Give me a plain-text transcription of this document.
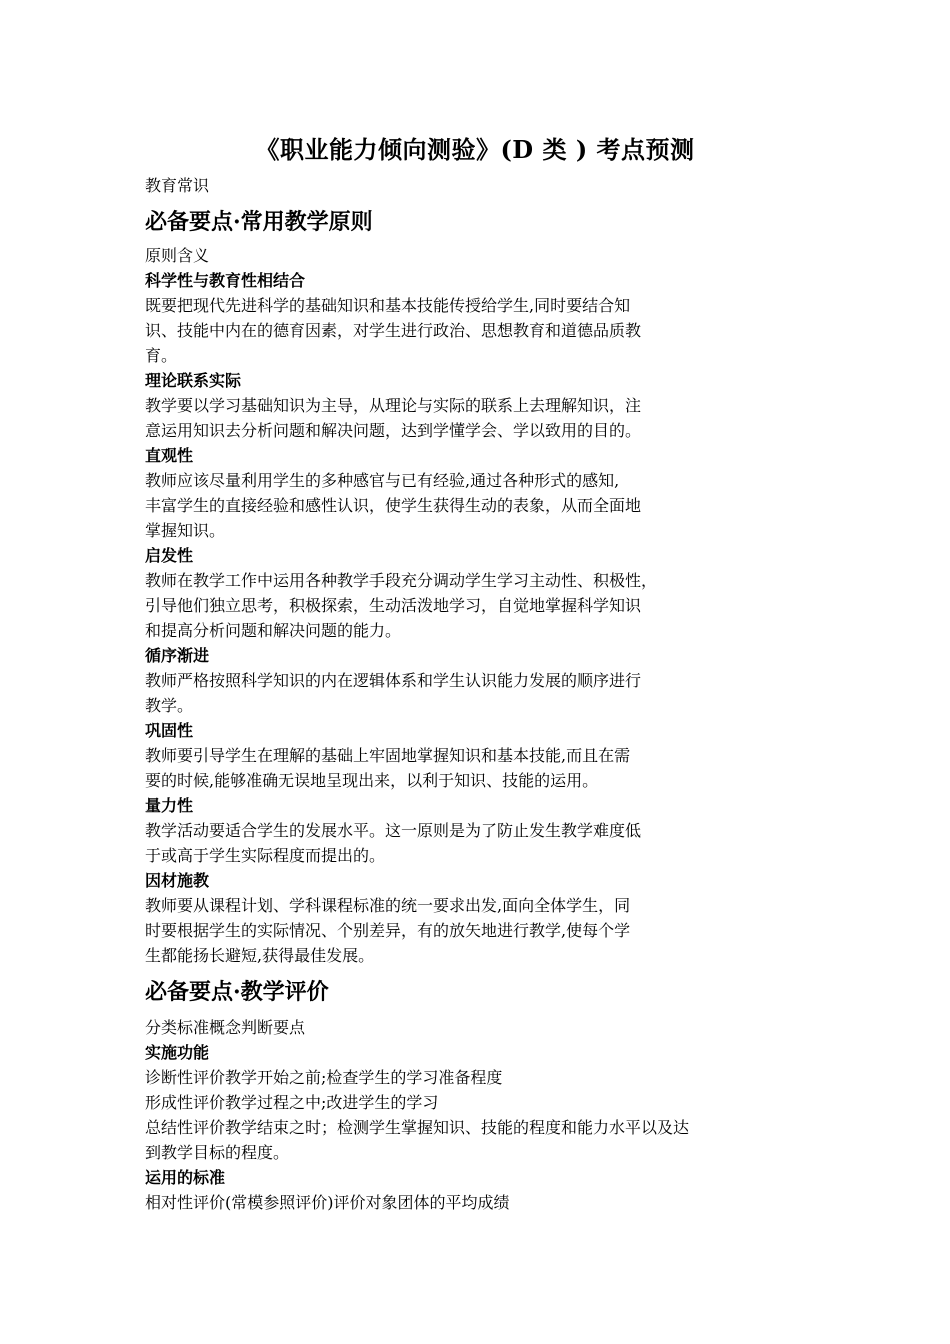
《职业能力倾向测验》(D 类 ) 考点预测
教育常识
必备要点·常用教学原则
原则含义
科学性与教育性相结合
既要把现代先进科学的基础知识和基本技能传授给学生,同时要结合知
识、技能中内在的德育因素，对学生进行政治、思想教育和道德品质教
育。
理论联系实际
教学要以学习基础知识为主导，从理论与实际的联系上去理解知识，注
意运用知识去分析问题和解决问题，达到学懂学会、学以致用的目的。
直观性
教师应该尽量利用学生的多种感官与已有经验,通过各种形式的感知,
丰富学生的直接经验和感性认识，使学生获得生动的表象，从而全面地
掌握知识。
启发性
教师在教学工作中运用各种教学手段充分调动学生学习主动性、积极性，
引导他们独立思考，积极探索，生动活泼地学习，自觉地掌握科学知识
和提高分析问题和解决问题的能力。
循序渐进
教师严格按照科学知识的内在逻辑体系和学生认识能力发展的顺序进行
教学。
巩固性
教师要引导学生在理解的基础上牢固地掌握知识和基本技能,而且在需
要的时候,能够准确无误地呈现出来，以利于知识、技能的运用。
量力性
教学活动要适合学生的发展水平。这一原则是为了防止发生教学难度低
于或高于学生实际程度而提出的。
因材施教
教师要从课程计划、学科课程标准的统一要求出发,面向全体学生，同
时要根据学生的实际情况、个别差异，有的放矢地进行教学,使每个学
生都能扬长避短,获得最佳发展。
必备要点·教学评价
分类标准概念判断要点
实施功能
诊断性评价教学开始之前;检查学生的学习准备程度
形成性评价教学过程之中;改进学生的学习
总结性评价教学结束之时；检测学生掌握知识、技能的程度和能力水平以及达
到教学目标的程度。
运用的标准
相对性评价(常模参照评价)评价对象团体的平均成绩
